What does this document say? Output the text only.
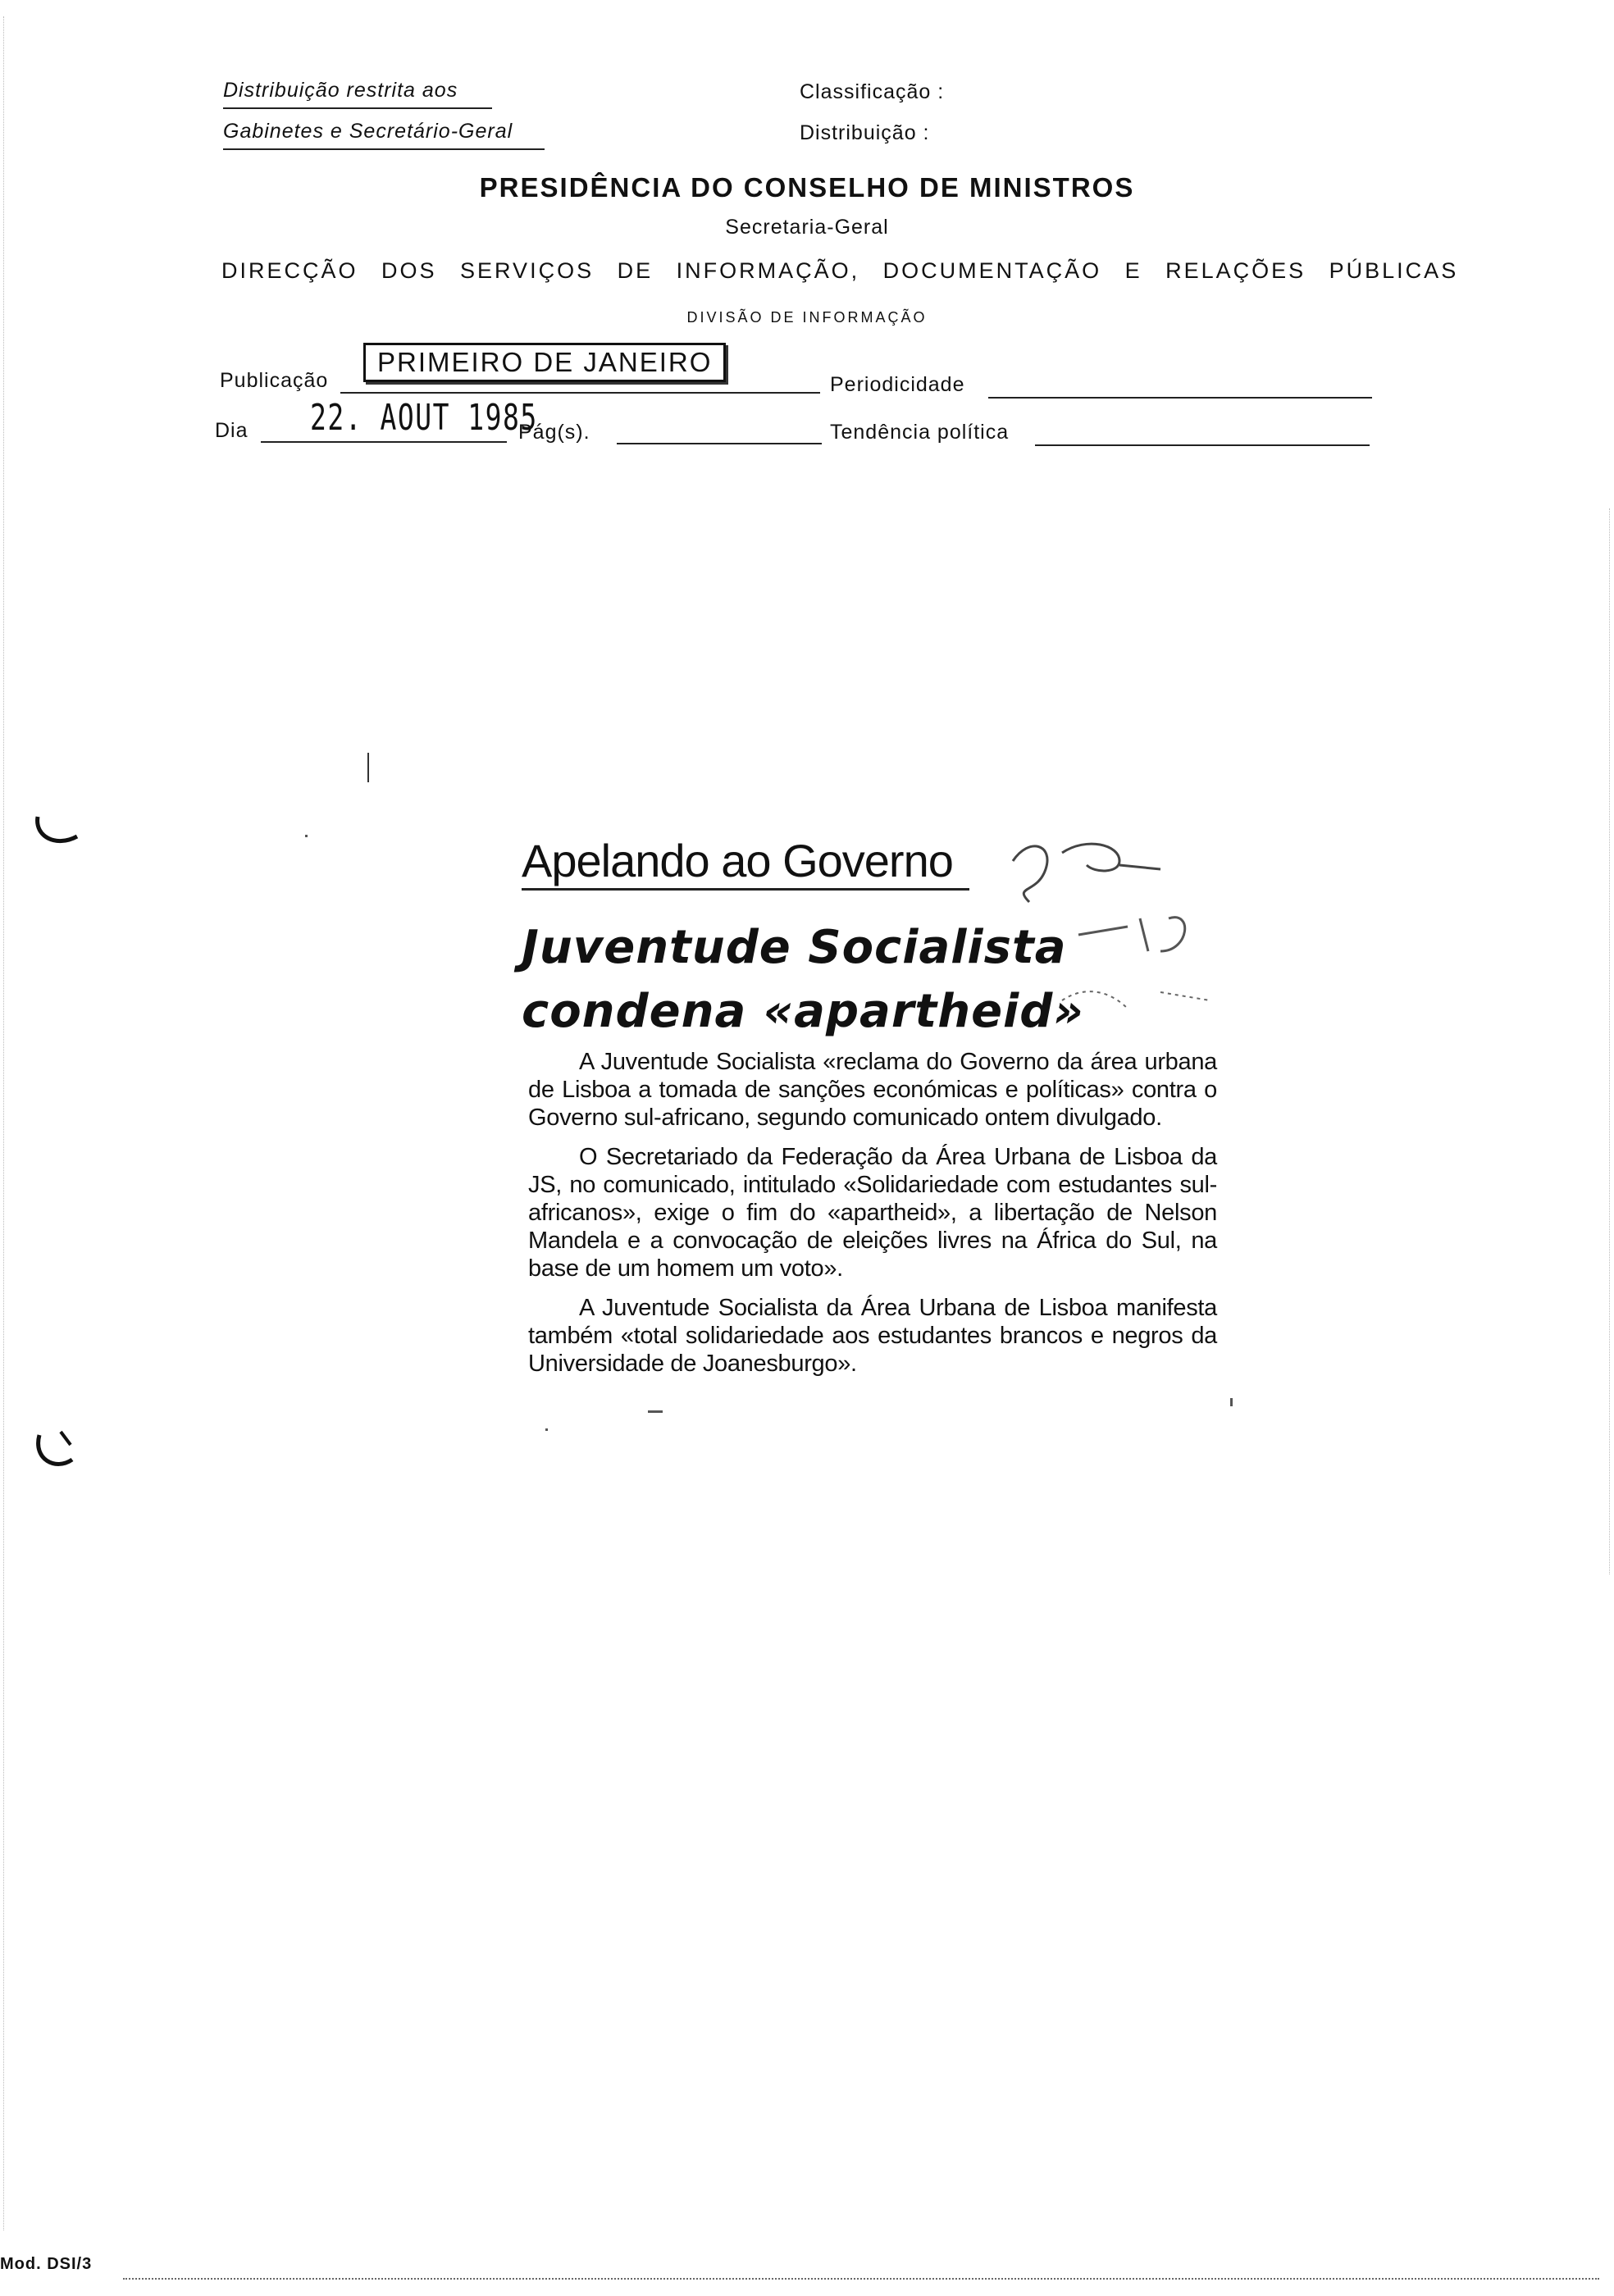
Distribuição restrita aos
Gabinetes e Secretário-Geral
Classificação :
Distribuição :
PRESIDÊNCIA DO CONSELHO DE MINISTROS
Secretaria-Geral
DIRECÇÃO DOS SERVIÇOS DE INFORMAÇÃO, DOCUMENTAÇÃO E RELAÇÕES PÚBLICAS
DIVISÃO DE INFORMAÇÃO
Publicação
PRIMEIRO DE JANEIRO
Periodicidade
Dia 22. AOUT 1985
Pág(s).	Tendência política
Apelando ao Governo
Juventude Socialista
condena «apartheid»

A Juventude Socialista «reclama do Governo da área urbana de Lisboa a tomada de sanções económicas e políticas» contra o Governo sul-africano, segundo comunicado ontem divulgado.

O Secretariado da Federação da Área Urbana de Lisboa da JS, no comunicado, intitulado «Solidariedade com estudantes sul-africanos», exige o fim do «apartheid», a libertação de Nelson Mandela e a convocação de eleições livres na África do Sul, na base de um homem um voto».

A Juventude Socialista da Área Urbana de Lisboa manifesta também «total solidariedade aos estudantes brancos e negros da Universidade de Joanesburgo».

Mod. DSI/3
